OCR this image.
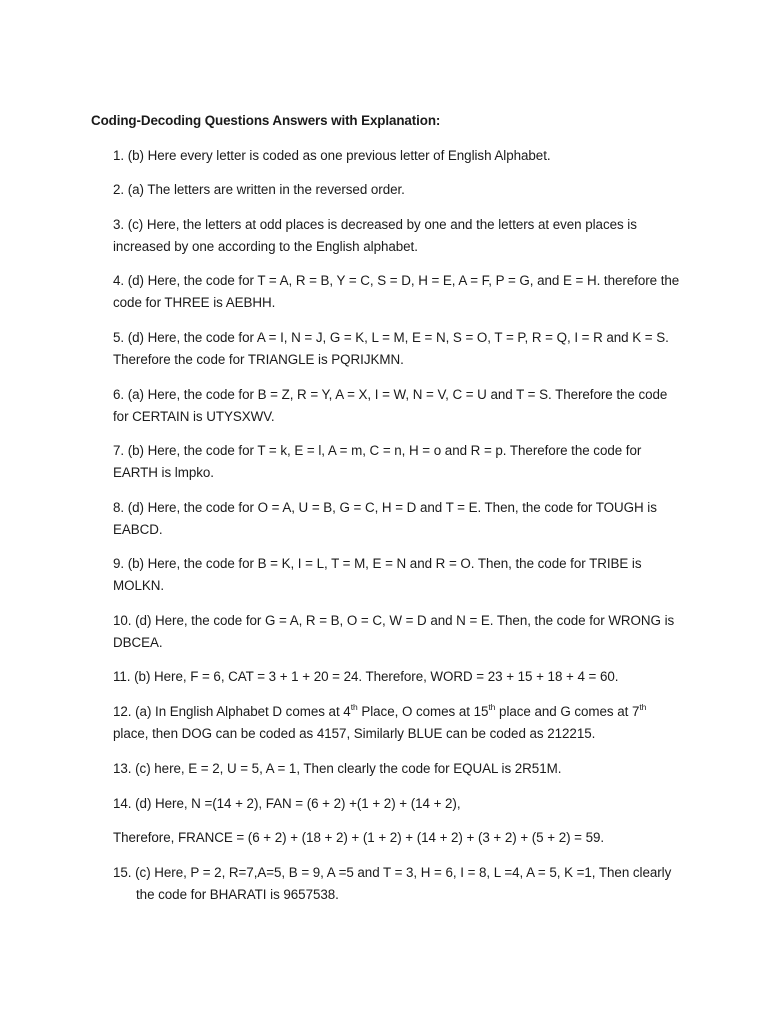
Coding-Decoding Questions Answers with Explanation:
1. (b) Here every letter is coded as one previous letter of English Alphabet.
2. (a) The letters are written in the reversed order.
3. (c) Here, the letters at odd places is decreased by one and the letters at even places is
increased by one according to the English alphabet.
4. (d) Here, the code for T = A, R = B, Y = C, S = D, H = E, A = F, P = G, and E = H. therefore the
code for THREE is AEBHH.
5. (d) Here, the code for A = I, N = J, G = K, L = M, E = N, S = O, T = P, R = Q, I = R and K = S.
Therefore the code for TRIANGLE is PQRIJKMN.
6. (a) Here, the code for B = Z, R = Y, A = X, I = W, N = V, C = U and T = S. Therefore the code
for CERTAIN is UTYSXWV.
7. (b) Here, the code for T = k, E = l, A = m, C = n, H = o and R = p. Therefore the code for
EARTH is lmpko.
8. (d) Here, the code for O = A, U = B, G = C, H = D and T = E. Then, the code for TOUGH is
EABCD.
9. (b) Here, the code for B = K, I = L, T = M, E = N and R = O. Then, the code for TRIBE is
MOLKN.
10. (d) Here, the code for G = A, R = B, O = C, W = D and N = E. Then, the code for WRONG is
DBCEA.
11. (b) Here, F = 6, CAT = 3 + 1 + 20 = 24. Therefore, WORD = 23 + 15 + 18 + 4 = 60.
12. (a) In English Alphabet D comes at 4th Place, O comes at 15th place and G comes at 7th
place, then DOG can be coded as 4157, Similarly BLUE can be coded as 212215.
13. (c) here, E = 2, U = 5, A = 1, Then clearly the code for EQUAL is 2R51M.
14. (d) Here, N =(14 + 2), FAN = (6 + 2) +(1 + 2) + (14 + 2),
Therefore, FRANCE = (6 + 2) + (18 + 2) + (1 + 2) + (14 + 2) + (3 + 2) + (5 + 2) = 59.
15. (c) Here, P = 2, R=7,A=5, B = 9, A =5 and T = 3, H = 6, I = 8, L =4, A = 5, K =1, Then clearly
the code for BHARATI is 9657538.
